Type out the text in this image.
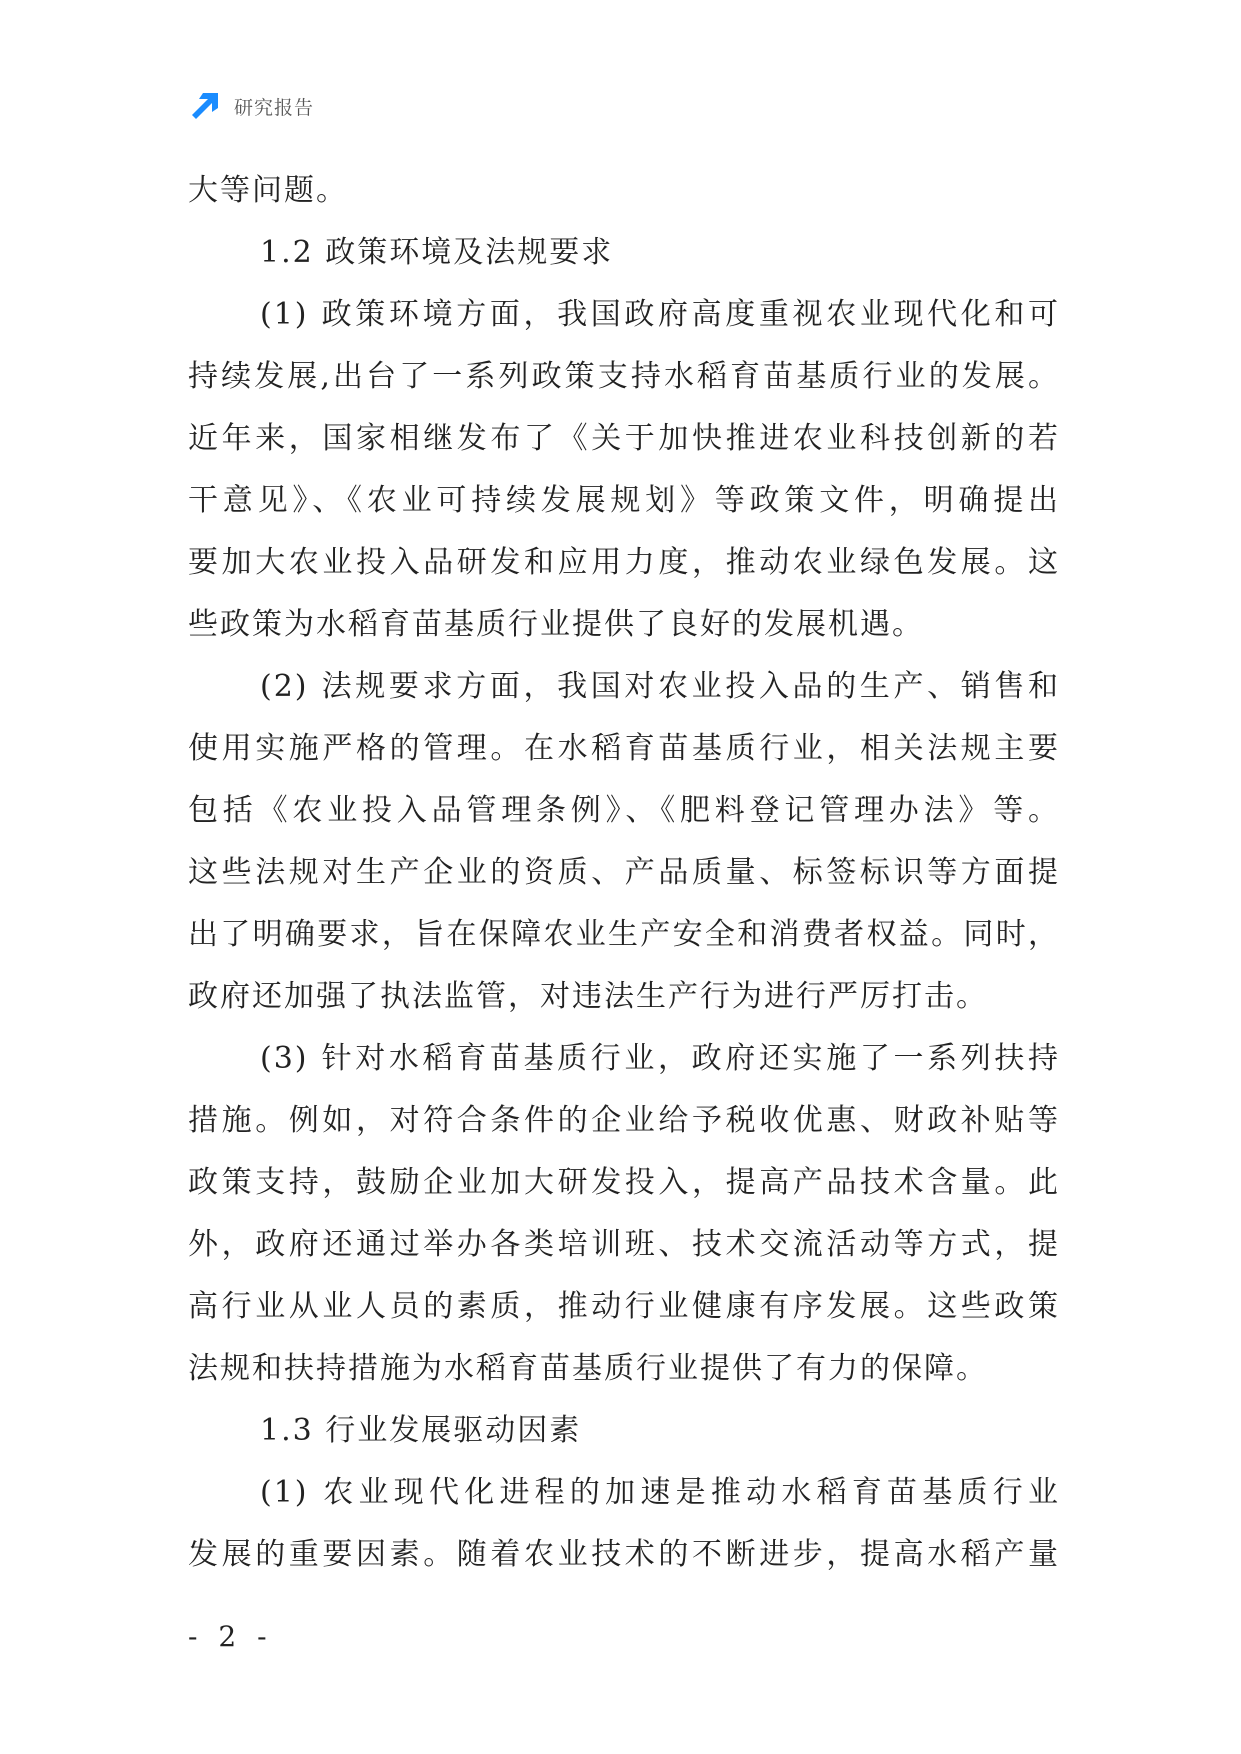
研究报告
大等问题。
1.2 政策环境及法规要求
(1) 政策环境方面，我国政府高度重视农业现代化和可
持续发展,出台了一系列政策支持水稻育苗基质行业的发展。
近年来，国家相继发布了《关于加快推进农业科技创新的若
干意见》、《农业可持续发展规划》等政策文件，明确提出
要加大农业投入品研发和应用力度，推动农业绿色发展。这
些政策为水稻育苗基质行业提供了良好的发展机遇。
(2) 法规要求方面，我国对农业投入品的生产、销售和
使用实施严格的管理。在水稻育苗基质行业，相关法规主要
包括《农业投入品管理条例》、《肥料登记管理办法》等。
这些法规对生产企业的资质、产品质量、标签标识等方面提
出了明确要求，旨在保障农业生产安全和消费者权益。同时，
政府还加强了执法监管，对违法生产行为进行严厉打击。
(3) 针对水稻育苗基质行业，政府还实施了一系列扶持
措施。例如，对符合条件的企业给予税收优惠、财政补贴等
政策支持，鼓励企业加大研发投入，提高产品技术含量。此
外，政府还通过举办各类培训班、技术交流活动等方式，提
高行业从业人员的素质，推动行业健康有序发展。这些政策
法规和扶持措施为水稻育苗基质行业提供了有力的保障。
1.3 行业发展驱动因素
(1) 农业现代化进程的加速是推动水稻育苗基质行业
发展的重要因素。随着农业技术的不断进步，提高水稻产量
- 2 -
